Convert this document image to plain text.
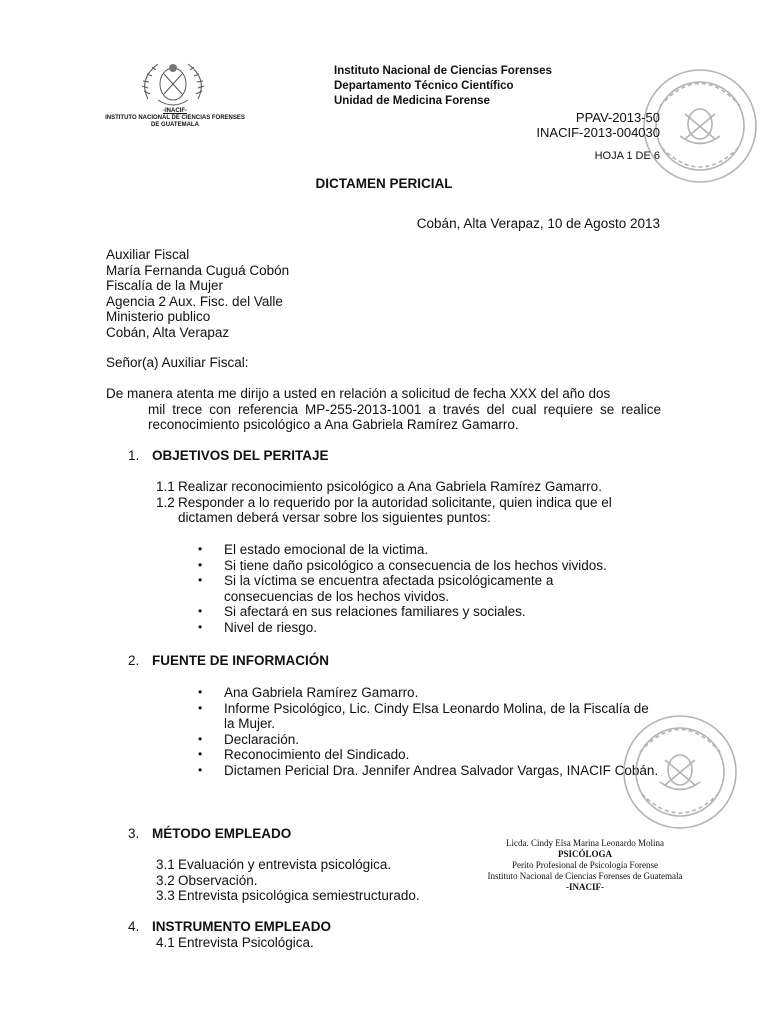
-INACIF-
INSTITUTO NACIONAL DE CIENCIAS FORENSES
DE GUATEMALA
Instituto Nacional de Ciencias Forenses
Departamento Técnico Científico
Unidad de Medicina Forense
PPAV-2013-50
INACIF-2013-004030
HOJA 1 DE 6
DICTAMEN PERICIAL
Cobán, Alta Verapaz, 10 de Agosto 2013
Auxiliar Fiscal
María Fernanda Cuguá Cobón
Fiscalía de la Mujer
Agencia 2 Aux. Fisc. del Valle
Ministerio publico
Cobán, Alta Verapaz
Señor(a) Auxiliar Fiscal:
De manera atenta me dirijo a usted en relación a solicitud de fecha XXX del año dos
mil trece con referencia MP-255-2013-1001 a través del cual requiere se realice reconocimiento psicológico a Ana Gabriela Ramírez Gamarro.
1. OBJETIVOS DEL PERITAJE
1.1 Realizar reconocimiento psicológico a Ana Gabriela Ramírez Gamarro.
1.2 Responder a lo requerido por la autoridad solicitante, quien indica que el
dictamen deberá versar sobre los siguientes puntos:
•	El estado emocional de la victima.
•	Si tiene daño psicológico a consecuencia de los hechos vividos.
•	Si la víctima se encuentra afectada psicológicamente a consecuencias de los hechos vividos.
•	Si afectará en sus relaciones familiares y sociales.
•	Nivel de riesgo.
2. FUENTE DE INFORMACIÓN
•	Ana Gabriela Ramírez Gamarro.
•	Informe Psicológico, Lic. Cindy Elsa Leonardo Molina, de la Fiscalía de la Mujer.
•	Declaración.
•	Reconocimiento del Sindicado.
•	Dictamen Pericial Dra. Jennifer Andrea Salvador Vargas, INACIF Cobán.
3. MÉTODO EMPLEADO
3.1 Evaluación y entrevista psicológica.
3.2 Observación.
3.3 Entrevista psicológica semiestructurado.
Licda. Cindy Elsa Marina Leonardo Molina
PSICÓLOGA
Perito Profesional de Psicología Forense
Instituto Nacional de Ciencias Forenses de Guatemala
-INACIF-
4. INSTRUMENTO EMPLEADO
4.1 Entrevista Psicológica.
